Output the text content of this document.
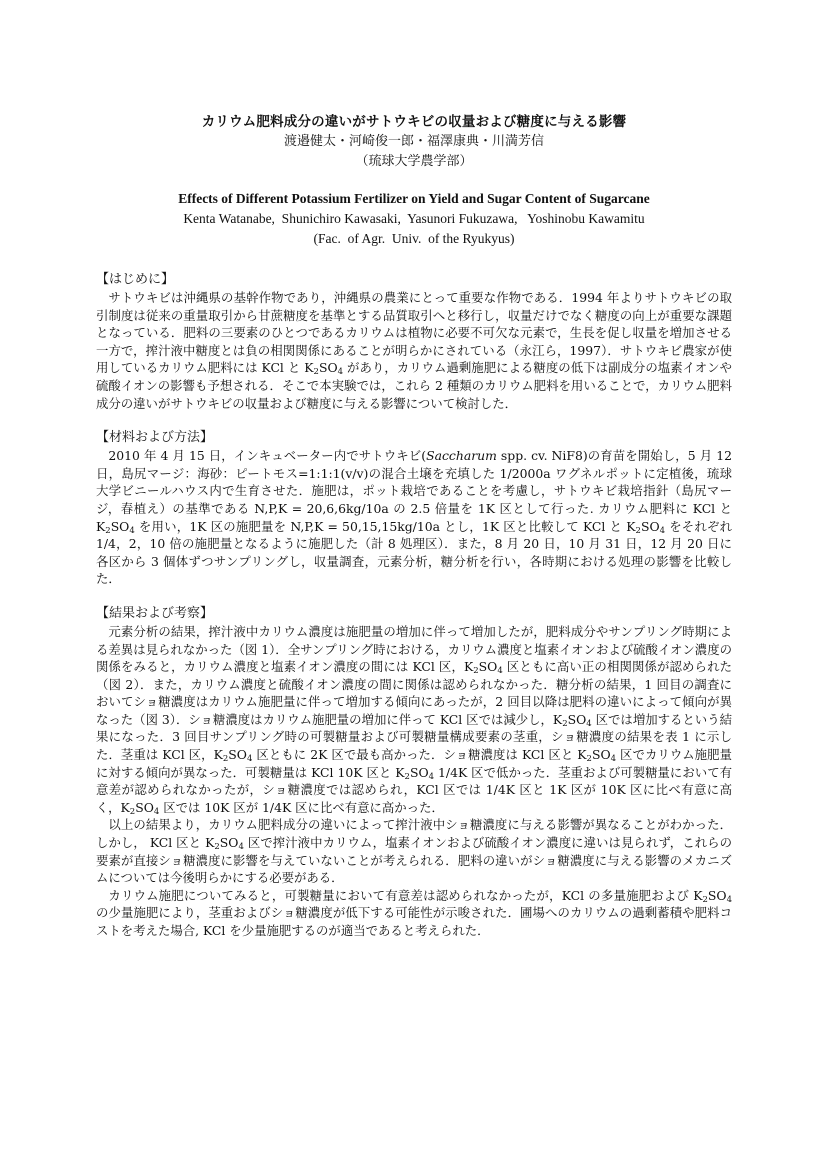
カリウム肥料成分の違いがサトウキビの収量および糖度に与える影響
渡邉健太・河崎俊一郎・福澤康典・川満芳信
（琉球大学農学部）
Effects of Different Potassium Fertilizer on Yield and Sugar Content of Sugarcane
Kenta Watanabe,  Shunichiro Kawasaki,  Yasunori Fukuzawa,   Yoshinobu Kawamitu
(Fac.  of Agr.  Univ.  of the Ryukyus)

【はじめに】

サトウキビは沖縄県の基幹作物であり，沖縄県の農業にとって重要な作物である．1994 年よりサトウキビの取引制度は従来の重量取引から甘蔗糖度を基準とする品質取引へと移行し，収量だけでなく糖度の向上が重要な課題となっている．肥料の三要素のひとつであるカリウムは植物に必要不可欠な元素で，生長を促し収量を増加させる一方で，搾汁液中糖度とは負の相関関係にあることが明らかにされている（永江ら，1997）．サトウキビ農家が使用しているカリウム肥料には KCl と $K_2SO_4$ があり，カリウム過剰施肥による糖度の低下は副成分の塩素イオンや硫酸イオンの影響も予想される．そこで本実験では，これら 2 種類のカリウム肥料を用いることで，カリウム肥料成分の違いがサトウキビの収量および糖度に与える影響について検討した．

【材料および方法】

2010 年 4 月 15 日，インキュベーター内でサトウキビ(Saccharum spp. cv. NiF8)の育苗を開始し，5 月 12 日，島尻マージ：海砂：ピートモス=1:1:1(v/v)の混合土壌を充填した 1/2000a ワグネルポットに定植後，琉球大学ビニールハウス内で生育させた．施肥は，ポット栽培であることを考慮し，サトウキビ栽培指針（島尻マージ，春植え）の基準である N,P,K = 20,6,6kg/10a の 2.5 倍量を 1K 区として行った. カリウム肥料に KCl と $K_2SO_4$ を用い，1K 区の施肥量を N,P,K = 50,15,15kg/10a とし，1K 区と比較して KCl と $K_2SO_4$ をそれぞれ 1/4，2，10 倍の施肥量となるように施肥した（計 8 処理区）．また，8 月 20 日，10 月 31 日，12 月 20 日に各区から 3 個体ずつサンプリングし，収量調査，元素分析，糖分析を行い，各時期における処理の影響を比較した．

【結果および考察】

元素分析の結果，搾汁液中カリウム濃度は施肥量の増加に伴って増加したが，肥料成分やサンプリング時期による差異は見られなかった（図 1）．全サンプリング時における，カリウム濃度と塩素イオンおよび硫酸イオン濃度の関係をみると，カリウム濃度と塩素イオン濃度の間には KCl 区，$K_2SO_4$ 区ともに高い正の相関関係が認められた（図 2）．また，カリウム濃度と硫酸イオン濃度の間に関係は認められなかった．糖分析の結果，1 回目の調査においてショ糖濃度はカリウム施肥量に伴って増加する傾向にあったが，2 回目以降は肥料の違いによって傾向が異なった（図 3）．ショ糖濃度はカリウム施肥量の増加に伴って KCl 区では減少し，$K_2SO_4$ 区では増加するという結果になった．3 回目サンプリング時の可製糖量および可製糖量構成要素の茎重，ショ糖濃度の結果を表 1 に示した．茎重は KCl 区，$K_2SO_4$ 区ともに 2K 区で最も高かった．ショ糖濃度は KCl 区と $K_2SO_4$ 区でカリウム施肥量に対する傾向が異なった．可製糖量は KCl 10K 区と $K_2SO_4$ 1/4K 区で低かった．茎重および可製糖量において有意差が認められなかったが，ショ糖濃度では認められ，KCl 区では 1/4K 区と 1K 区が 10K 区に比べ有意に高く，$K_2SO_4$ 区では 10K 区が 1/4K 区に比べ有意に高かった．

以上の結果より，カリウム肥料成分の違いによって搾汁液中ショ糖濃度に与える影響が異なることがわかった．しかし， KCl 区と $K_2SO_4$ 区で搾汁液中カリウム，塩素イオンおよび硫酸イオン濃度に違いは見られず，これらの要素が直接ショ糖濃度に影響を与えていないことが考えられる．肥料の違いがショ糖濃度に与える影響のメカニズムについては今後明らかにする必要がある．

カリウム施肥についてみると，可製糖量において有意差は認められなかったが，KCl の多量施肥および $K_2SO_4$ の少量施肥により，茎重およびショ糖濃度が低下する可能性が示唆された．圃場へのカリウムの過剰蓄積や肥料コストを考えた場合, KCl を少量施肥するのが適当であると考えられた．
